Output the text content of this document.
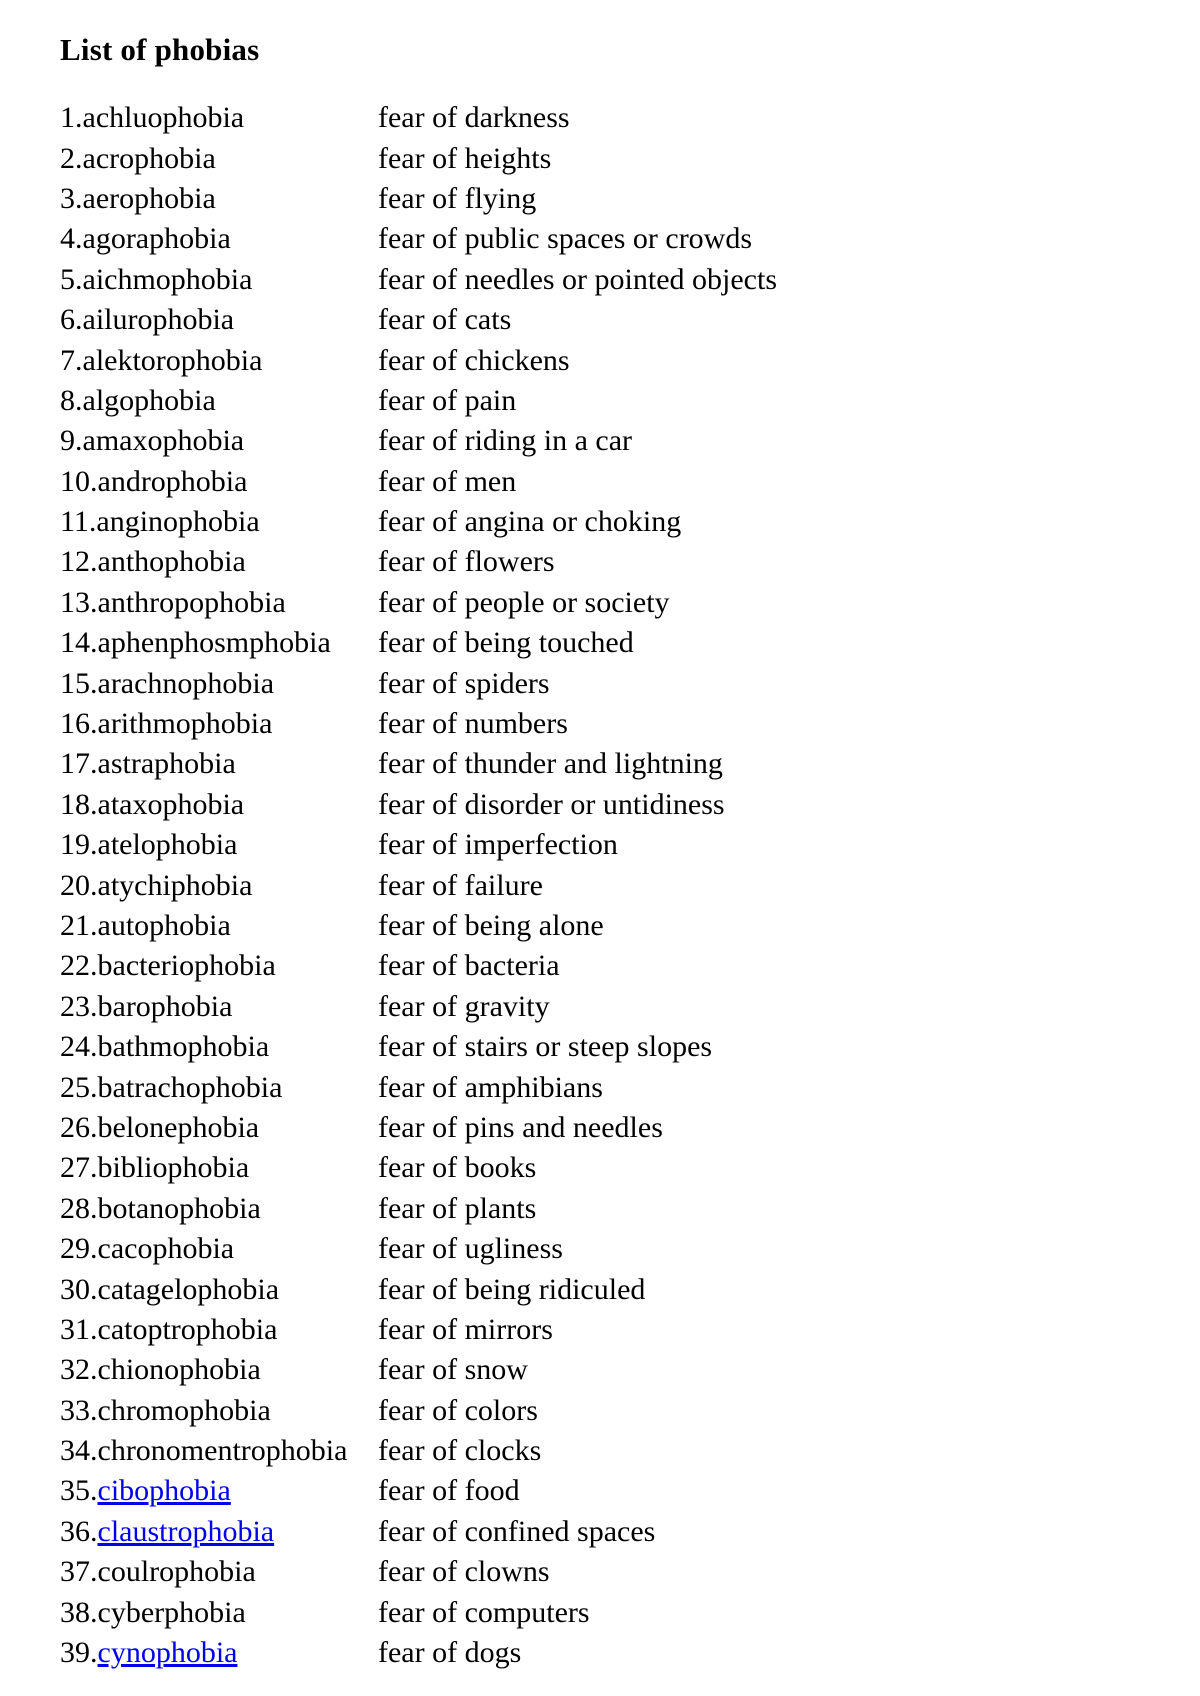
List of phobias
1.achluophobia	fear of darkness
2.acrophobia	fear of heights
3.aerophobia	fear of flying
4.agoraphobia	fear of public spaces or crowds
5.aichmophobia	fear of needles or pointed objects
6.ailurophobia	fear of cats
7.alektorophobia	fear of chickens
8.algophobia	fear of pain
9.amaxophobia	fear of riding in a car
10.androphobia	fear of men
11.anginophobia	fear of angina or choking
12.anthophobia	fear of flowers
13.anthropophobia	fear of people or society
14.aphenphosmphobia	fear of being touched
15.arachnophobia	fear of spiders
16.arithmophobia	fear of numbers
17.astraphobia	fear of thunder and lightning
18.ataxophobia	fear of disorder or untidiness
19.atelophobia	fear of imperfection
20.atychiphobia	fear of failure
21.autophobia	fear of being alone
22.bacteriophobia	fear of bacteria
23.barophobia	fear of gravity
24.bathmophobia	fear of stairs or steep slopes
25.batrachophobia	fear of amphibians
26.belonephobia	fear of pins and needles
27.bibliophobia	fear of books
28.botanophobia	fear of plants
29.cacophobia	fear of ugliness
30.catagelophobia	fear of being ridiculed
31.catoptrophobia	fear of mirrors
32.chionophobia	fear of snow
33.chromophobia	fear of colors
34.chronomentrophobia	fear of clocks
35.cibophobia	fear of food
36.claustrophobia	fear of confined spaces
37.coulrophobia	fear of clowns
38.cyberphobia	fear of computers
39.cynophobia	fear of dogs
